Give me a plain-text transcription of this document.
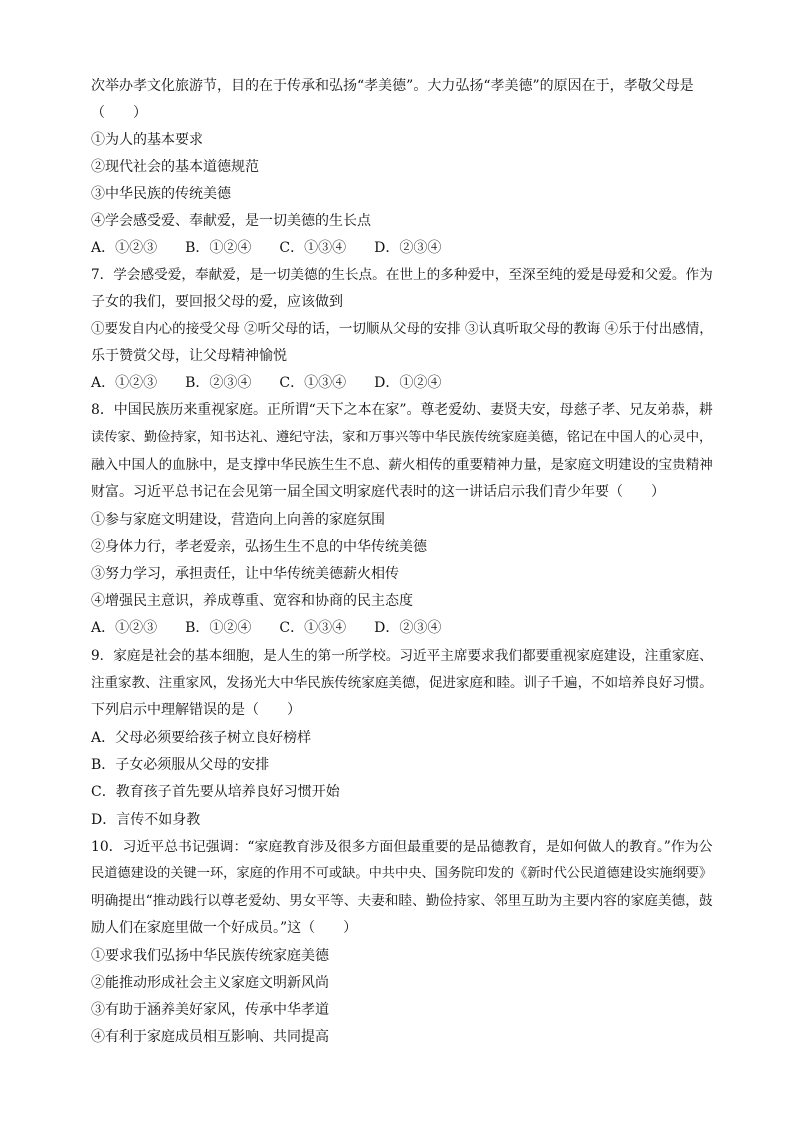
次举办孝文化旅游节，目的在于传承和弘扬“孝美德”。大力弘扬“孝美德”的原因在于，孝敬父母是
（　　）
①为人的基本要求
②现代社会的基本道德规范
③中华民族的传统美德
④学会感受爱、奉献爱，是一切美德的生长点
A．①②③　　B．①②④　　C．①③④　　D．②③④
7．学会感受爱，奉献爱，是一切美德的生长点。在世上的多种爱中，至深至纯的爱是母爱和父爱。作为
子女的我们，要回报父母的爱，应该做到
①要发自内心的接受父母 ②听父母的话，一切顺从父母的安排 ③认真听取父母的教诲 ④乐于付出感情，
乐于赞赏父母，让父母精神愉悦
A．①②③　　B．②③④　　C．①③④　　D．①②④
8．中国民族历来重视家庭。正所谓“天下之本在家”。尊老爱幼、妻贤夫安，母慈子孝、兄友弟恭，耕
读传家、勤俭持家，知书达礼、遵纪守法，家和万事兴等中华民族传统家庭美德，铭记在中国人的心灵中，
融入中国人的血脉中，是支撑中华民族生生不息、薪火相传的重要精神力量，是家庭文明建设的宝贵精神
财富。习近平总书记在会见第一届全国文明家庭代表时的这一讲话启示我们青少年要（　　）
①参与家庭文明建设，营造向上向善的家庭氛围
②身体力行，孝老爱亲，弘扬生生不息的中华传统美德
③努力学习，承担责任，让中华传统美德薪火相传
④增强民主意识，养成尊重、宽容和协商的民主态度
A．①②③　　B．①②④　　C．①③④　　D．②③④
9．家庭是社会的基本细胞，是人生的第一所学校。习近平主席要求我们都要重视家庭建设，注重家庭、
注重家教、注重家风，发扬光大中华民族传统家庭美德，促进家庭和睦。训子千遍，不如培养良好习惯。
下列启示中理解错误的是（　　）
A．父母必须要给孩子树立良好榜样
B．子女必须服从父母的安排
C．教育孩子首先要从培养良好习惯开始
D．言传不如身教
10．习近平总书记强调：“家庭教育涉及很多方面但最重要的是品德教育，是如何做人的教育。”作为公
民道德建设的关键一环，家庭的作用不可或缺。中共中央、国务院印发的《新时代公民道德建设实施纲要》
明确提出“推动践行以尊老爱幼、男女平等、夫妻和睦、勤俭持家、邻里互助为主要内容的家庭美德，鼓
励人们在家庭里做一个好成员。”这（　　）
①要求我们弘扬中华民族传统家庭美德
②能推动形成社会主义家庭文明新风尚
③有助于涵养美好家风，传承中华孝道
④有利于家庭成员相互影响、共同提高
